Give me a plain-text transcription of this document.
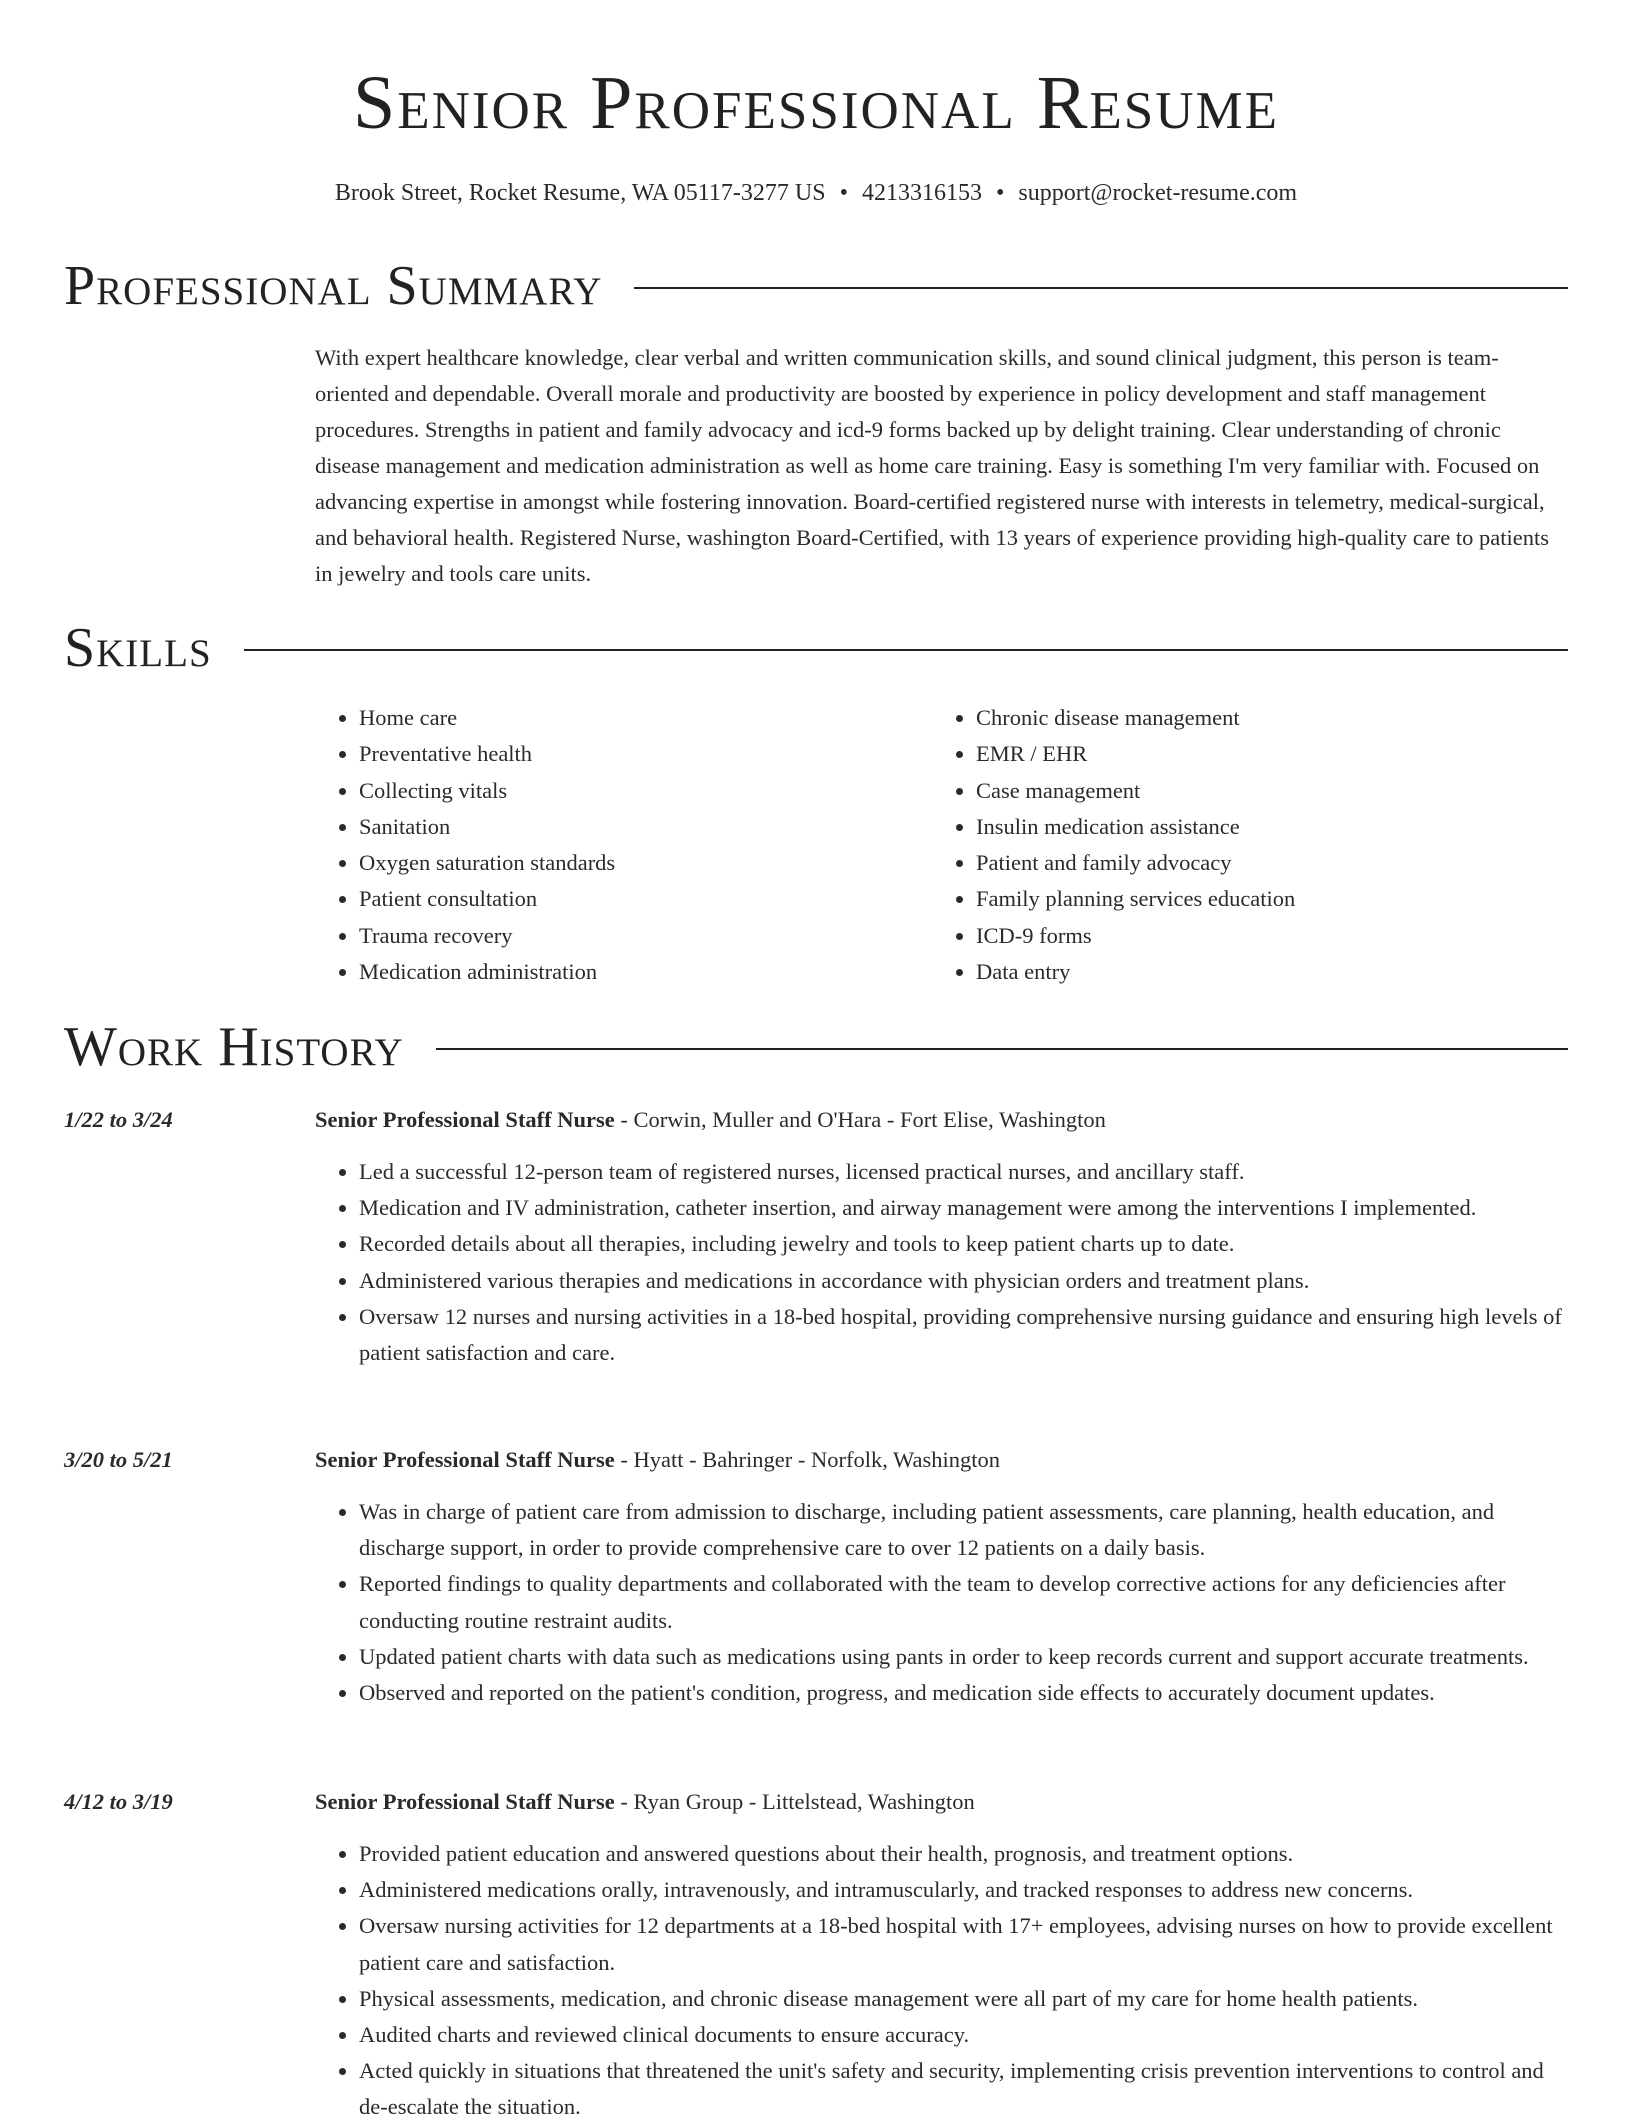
Senior Professional Resume
Brook Street, Rocket Resume, WA 05117-3277 US • 4213316153 • support@rocket-resume.com
Professional Summary

With expert healthcare knowledge, clear verbal and written communication skills, and sound clinical judgment, this person is team-oriented and dependable. Overall morale and productivity are boosted by experience in policy development and staff management procedures. Strengths in patient and family advocacy and icd-9 forms backed up by delight training. Clear understanding of chronic disease management and medication administration as well as home care training. Easy is something I'm very familiar with. Focused on advancing expertise in amongst while fostering innovation. Board-certified registered nurse with interests in telemetry, medical-surgical, and behavioral health. Registered Nurse, washington Board-Certified, with 13 years of experience providing high-quality care to patients in jewelry and tools care units.

Skills
• Home care
• Preventative health
• Collecting vitals
• Sanitation
• Oxygen saturation standards
• Patient consultation
• Trauma recovery
• Medication administration
• Chronic disease management
• EMR / EHR
• Case management
• Insulin medication assistance
• Patient and family advocacy
• Family planning services education
• ICD-9 forms
• Data entry
Work History
1/22 to 3/24	Senior Professional Staff Nurse - Corwin, Muller and O'Hara - Fort Elise, Washington
• Led a successful 12-person team of registered nurses, licensed practical nurses, and ancillary staff.
• Medication and IV administration, catheter insertion, and airway management were among the interventions I implemented.
• Recorded details about all therapies, including jewelry and tools to keep patient charts up to date.
• Administered various therapies and medications in accordance with physician orders and treatment plans.
• Oversaw 12 nurses and nursing activities in a 18-bed hospital, providing comprehensive nursing guidance and ensuring high levels of patient satisfaction and care.
3/20 to 5/21	Senior Professional Staff Nurse - Hyatt - Bahringer - Norfolk, Washington
• Was in charge of patient care from admission to discharge, including patient assessments, care planning, health education, and discharge support, in order to provide comprehensive care to over 12 patients on a daily basis.
• Reported findings to quality departments and collaborated with the team to develop corrective actions for any deficiencies after conducting routine restraint audits.
• Updated patient charts with data such as medications using pants in order to keep records current and support accurate treatments.
• Observed and reported on the patient's condition, progress, and medication side effects to accurately document updates.
4/12 to 3/19	Senior Professional Staff Nurse - Ryan Group - Littelstead, Washington
• Provided patient education and answered questions about their health, prognosis, and treatment options.
• Administered medications orally, intravenously, and intramuscularly, and tracked responses to address new concerns.
• Oversaw nursing activities for 12 departments at a 18-bed hospital with 17+ employees, advising nurses on how to provide excellent patient care and satisfaction.
• Physical assessments, medication, and chronic disease management were all part of my care for home health patients.
• Audited charts and reviewed clinical documents to ensure accuracy.
• Acted quickly in situations that threatened the unit's safety and security, implementing crisis prevention interventions to control and de-escalate the situation.
